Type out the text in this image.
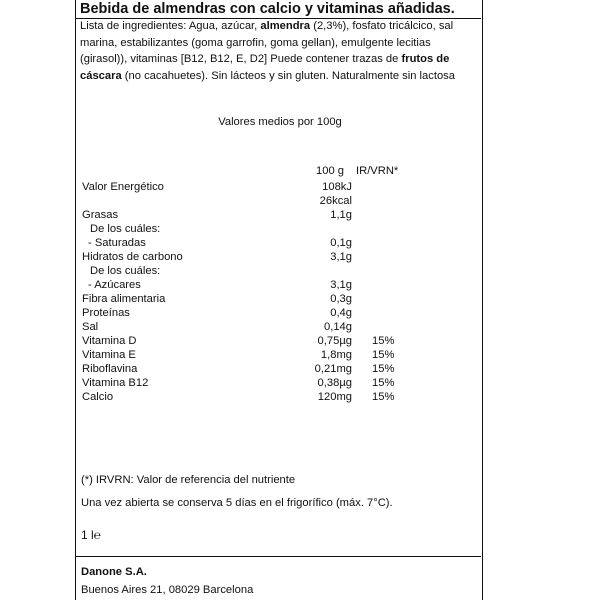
Bebida de almendras con calcio y vitaminas añadidas.
Lista de ingredientes: Agua, azúcar, almendra (2,3%), fosfato tricálcico, sal marina, estabilizantes (goma garrofin, goma gellan), emulgente lecitias (girasol)), vitaminas [B12, B12, E, D2] Puede contener trazas de frutos de cáscara (no cacahuetes). Sin lácteos y sin gluten. Naturalmente sin lactosa
Valores medios por 100g
100 g IR/VRN*
Valor Energético	108kJ
26kcal
Grasas	1,1g
De los cuáles:
- Saturadas	0,1g
Hidratos de carbono	3,1g
De los cuáles:
- Azúcares	3,1g
Fibra alimentaria	0,3g
Proteínas	0,4g
Sal	0,14g
Vitamina D	0,75µg 15%
Vitamina E	1,8mg 15%
Riboflavina	0,21mg 15%
Vitamina B12	0,38µg 15%
Calcio	120mg 15%
(*) IRVRN: Valor de referencia del nutriente
Una vez abierta se conserva 5 días en el frigorífico (máx. 7°C).
1 l℮
Danone S.A.
Buenos Aires 21, 08029 Barcelona
